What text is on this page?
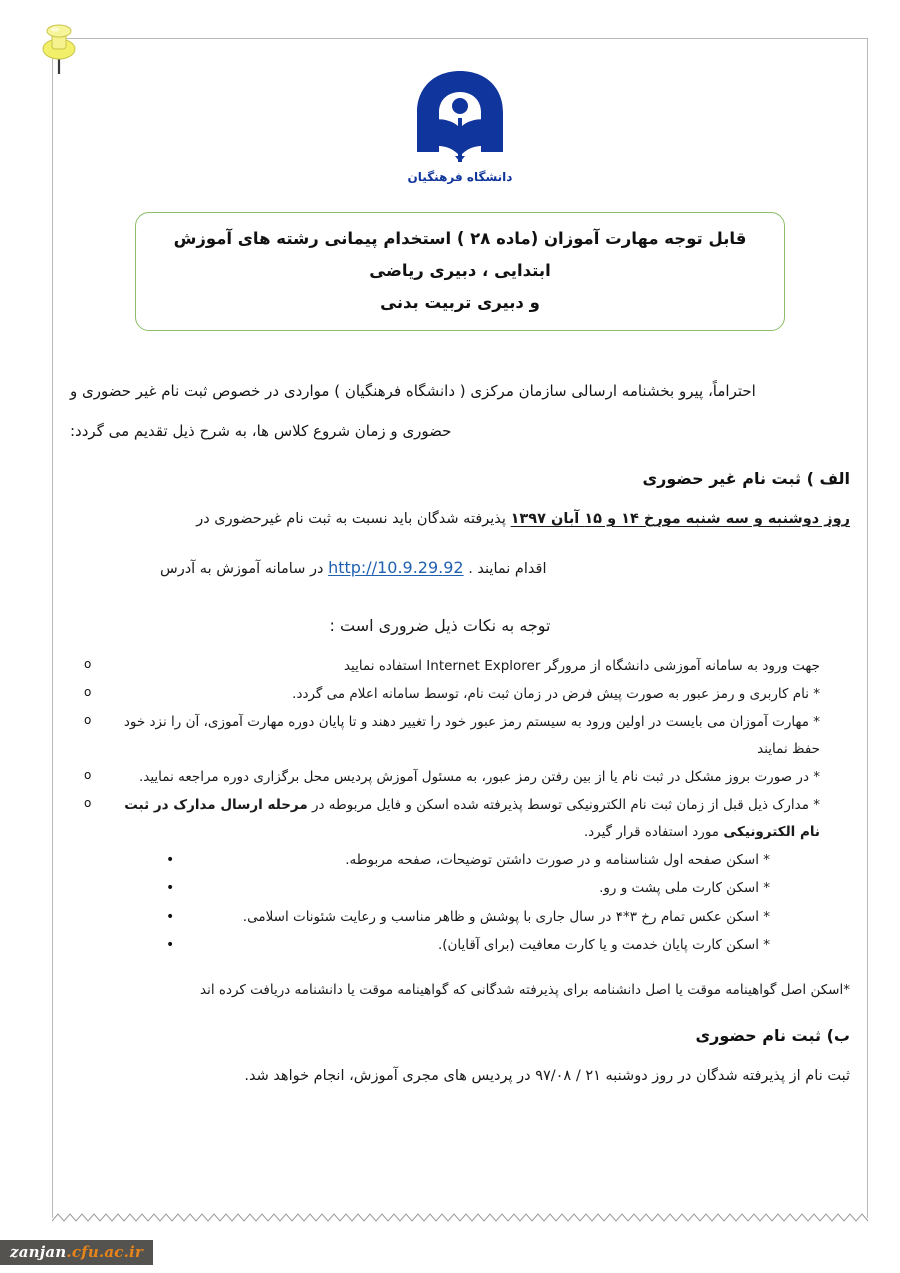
دانشگاه فرهنگیان
قابل توجه مهارت آموزان (ماده ۲۸ ) استخدام پیمانی رشته های آموزش ابتدایی ، دبیری ریاضی
و دبیری تربیت بدنی

احتراماً، پیرو بخشنامه ارسالی سازمان مرکزی ( دانشگاه فرهنگیان ) مواردی در خصوص ثبت نام غیر حضوری و

حضوری و زمان شروع کلاس ها، به شرح ذیل تقدیم می گردد:

الف ) ثبت نام غیر حضوری

روز دوشنبه و سه شنبه مورخ ۱۴ و ۱۵ آبان ۱۳۹۷ پذیرفته شدگان باید نسبت به ثبت نام غیرحضوری در

اقدام نمایند . http://10.9.29.92 در سامانه آموزش به آدرس

توجه به نکات ذیل ضروری است :

o	جهت ورود به سامانه آموزشی دانشگاه از مرورگر Internet Explorer استفاده نمایید
o	* نام کاربری و رمز عبور به صورت پیش فرض در زمان ثبت نام، توسط سامانه اعلام می گردد.
o * مهارت آموزان می بایست در اولین ورود به سیستم رمز عبور خود را تغییر دهند و تا پایان دوره مهارت آموزی، آن را نزد خود حفظ نمایند
o	* در صورت بروز مشکل در ثبت نام یا از بین رفتن رمز عبور، به مسئول آموزش پردیس محل برگزاری دوره مراجعه نمایید.
o	* مدارک ذیل قبل از زمان ثبت نام الکترونیکی توسط پذیرفته شده اسکن و فایل مربوطه در مرحله ارسال مدارک در ثبت نام الکترونیکی مورد استفاده قرار گیرد.
•	* اسکن صفحه اول شناسنامه و در صورت داشتن توضیحات، صفحه مربوطه.
•	* اسکن کارت ملی پشت و رو.
•	* اسکن عکس تمام رخ ۳*۴ در سال جاری با پوشش و ظاهر مناسب و رعایت شئونات اسلامی.
•	* اسکن کارت پایان خدمت و یا کارت معافیت (برای آقایان).

*اسکن اصل گواهینامه موقت یا اصل دانشنامه برای پذیرفته شدگانی که گواهینامه موقت یا دانشنامه دریافت کرده اند

ب) ثبت نام حضوری

ثبت نام از پذیرفته شدگان در روز دوشنبه ۲۱ / ۹۷/۰۸ در پردیس های مجری آموزش، انجام خواهد شد.

zanjan.cfu.ac.ir
